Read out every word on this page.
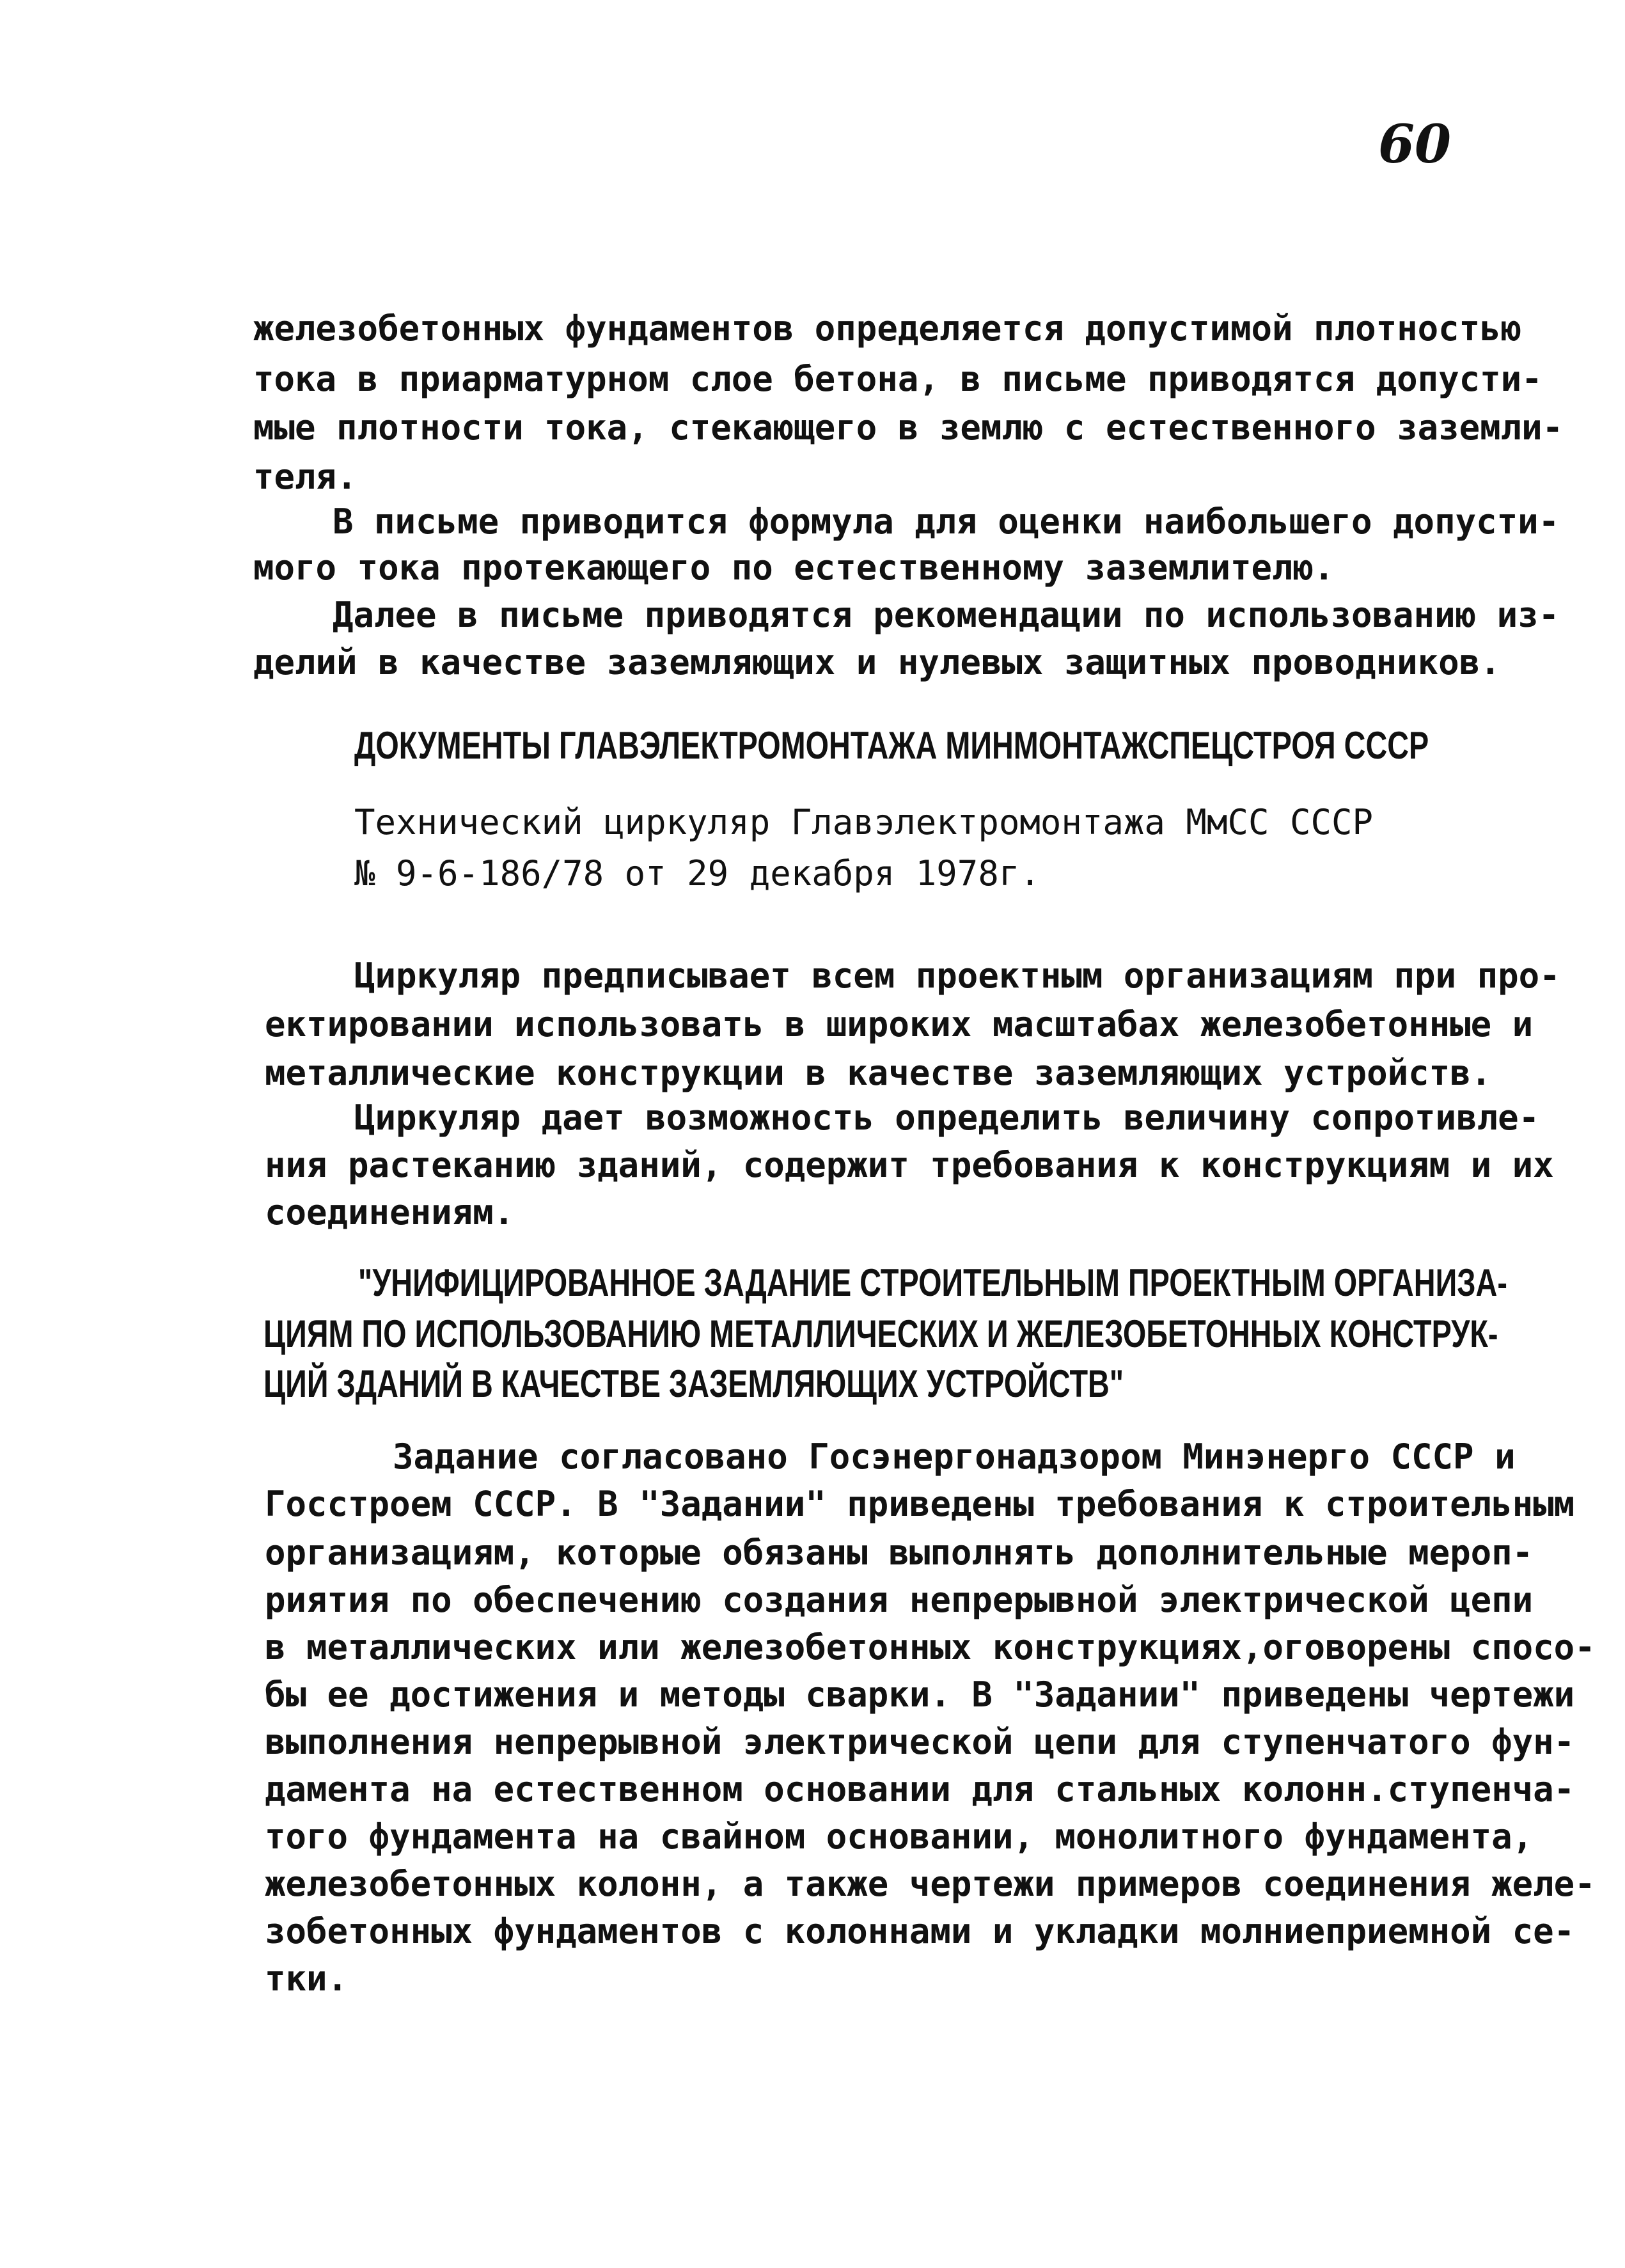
60
железобетонных фундаментов определяется допустимой плотностью
тока в приарматурном слое бетона, в письме приводятся допусти-
мые плотности тока, стекающего в землю с естественного заземли-
теля.
В письме приводится формула для оценки наибольшего допусти-
мого тока протекающего по естественному заземлителю.
Далее в письме приводятся рекомендации по использованию из-
делий в качестве заземляющих и нулевых защитных проводников.
ДОКУМЕНТЫ ГЛАВЭЛЕКТРОМОНТАЖА МИНМОНТАЖСПЕЦСТРОЯ СССР
Технический циркуляр Главэлектромонтажа МмСС СССР
№ 9-6-186/78 от 29 декабря 1978г.
Циркуляр предписывает всем проектным организациям при про-
ектировании использовать в широких масштабах железобетонные и
металлические конструкции в качестве заземляющих устройств.
Циркуляр дает возможность определить величину сопротивле-
ния растеканию зданий, содержит требования к конструкциям и их
соединениям.
"УНИФИЦИРОВАННОЕ ЗАДАНИЕ СТРОИТЕЛЬНЫМ ПРОЕКТНЫМ ОРГАНИЗА-
ЦИЯМ ПО ИСПОЛЬЗОВАНИЮ МЕТАЛЛИЧЕСКИХ И ЖЕЛЕЗОБЕТОННЫХ КОНСТРУК-
ЦИЙ ЗДАНИЙ В КАЧЕСТВЕ ЗАЗЕМЛЯЮЩИХ УСТРОЙСТВ"
Задание согласовано Госэнергонадзором Минэнерго СССР и
Госстроем СССР. В "Задании" приведены требования к строительным
организациям, которые обязаны выполнять дополнительные мероп-
риятия по обеспечению создания непрерывной электрической цепи
в металлических или железобетонных конструкциях,оговорены спосо-
бы ее достижения и методы сварки. В "Задании" приведены чертежи
выполнения непрерывной электрической цепи для ступенчатого фун-
дамента на естественном основании для стальных колонн.ступенча-
того фундамента на свайном основании, монолитного фундамента,
железобетонных колонн, а также чертежи примеров соединения желе-
зобетонных фундаментов с колоннами и укладки молниеприемной се-
тки.
